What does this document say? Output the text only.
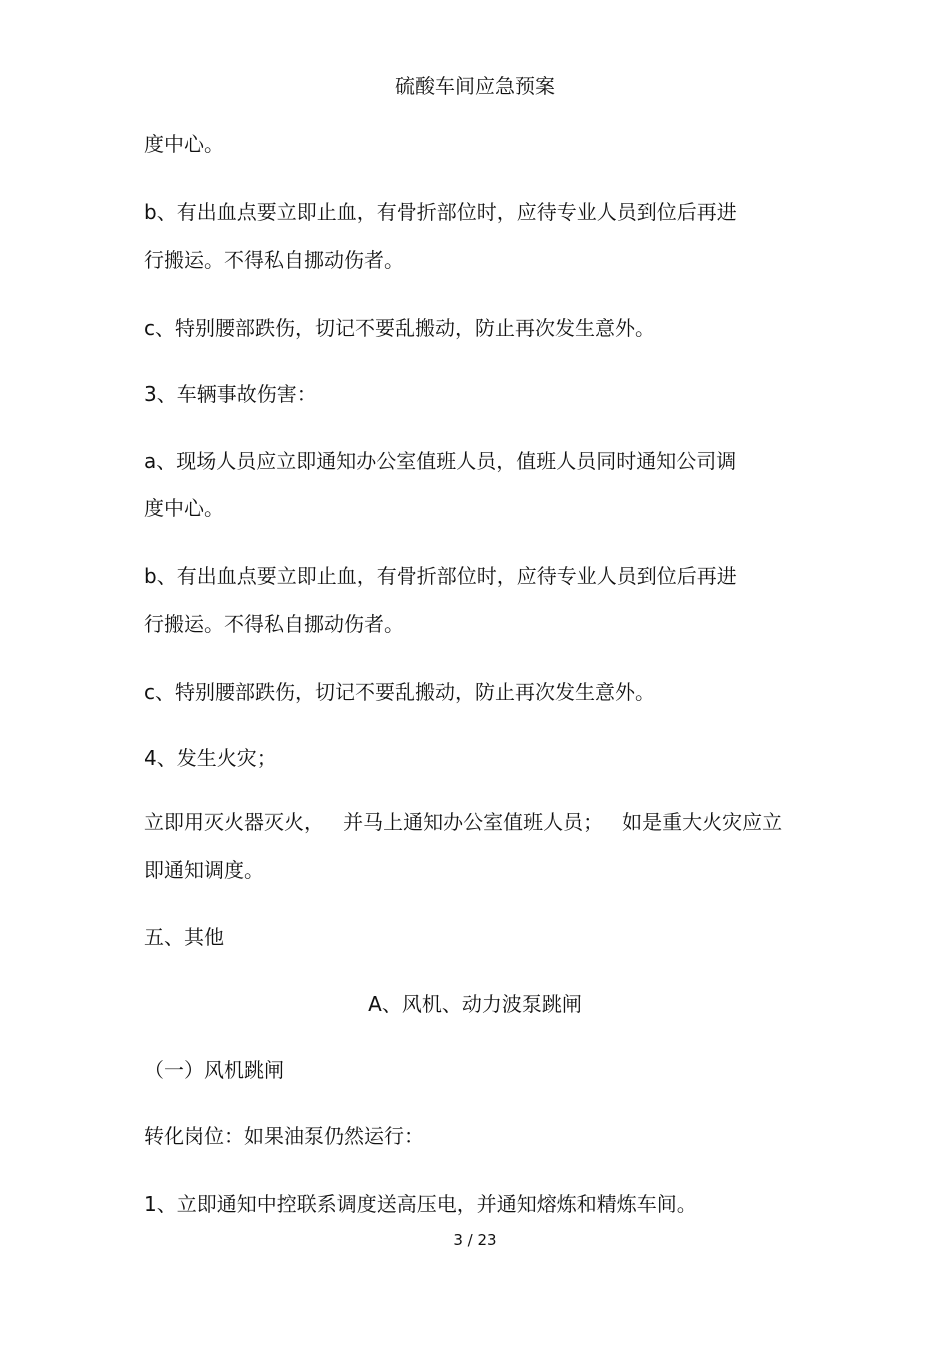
硫酸车间应急预案
度中心。
b、有出血点要立即止血，有骨折部位时，应待专业人员到位后再进
行搬运。不得私自挪动伤者。
c、特别腰部跌伤，切记不要乱搬动，防止再次发生意外。
3、车辆事故伤害：
a、现场人员应立即通知办公室值班人员，值班人员同时通知公司调
度中心。
b、有出血点要立即止血，有骨折部位时，应待专业人员到位后再进
行搬运。不得私自挪动伤者。
c、特别腰部跌伤，切记不要乱搬动，防止再次发生意外。
4、发生火灾；
立即用灭火器灭火，   并马上通知办公室值班人员；   如是重大火灾应立
即通知调度。
五、其他
A、风机、动力波泵跳闸
（一）风机跳闸
转化岗位：如果油泵仍然运行：
1、立即通知中控联系调度送高压电，并通知熔炼和精炼车间。
3 / 23
